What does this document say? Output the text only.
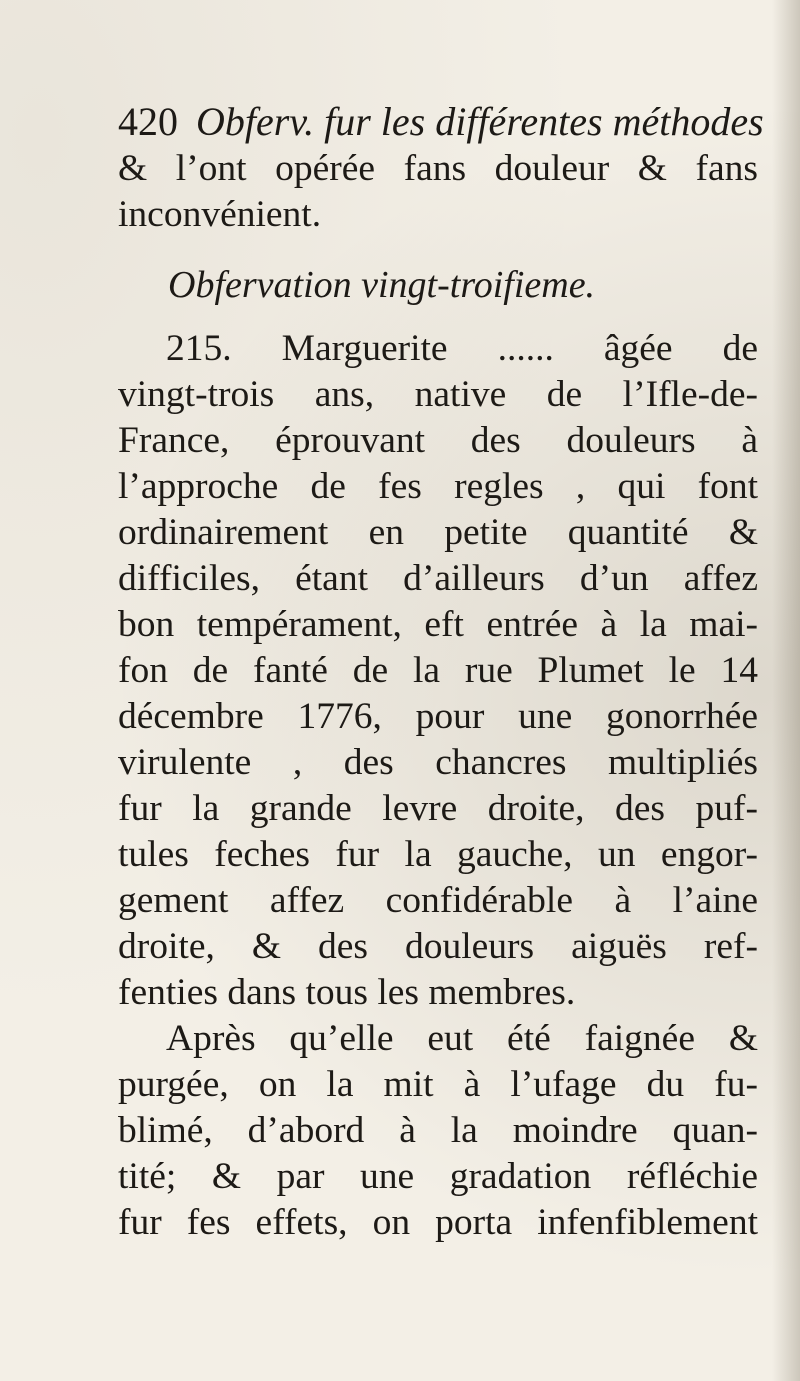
420 Obferv. fur les différentes méthodes
& l’ont opérée fans douleur & fans
inconvénient.
Obfervation vingt-troifieme.
215. Marguerite ...... âgée de
vingt-trois ans, native de l’Ifle-de-
France, éprouvant des douleurs à
l’approche de fes regles , qui font
ordinairement en petite quantité &
difficiles, étant d’ailleurs d’un affez
bon tempérament, eft entrée à la mai-
fon de fanté de la rue Plumet le 14
décembre 1776, pour une gonorrhée
virulente , des chancres multipliés
fur la grande levre droite, des puf-
tules feches fur la gauche, un engor-
gement affez confidérable à l’aine
droite, & des douleurs aiguës ref-
fenties dans tous les membres.
Après qu’elle eut été faignée &
purgée, on la mit à l’ufage du fu-
blimé, d’abord à la moindre quan-
tité; & par une gradation réfléchie
fur fes effets, on porta infenfiblement
